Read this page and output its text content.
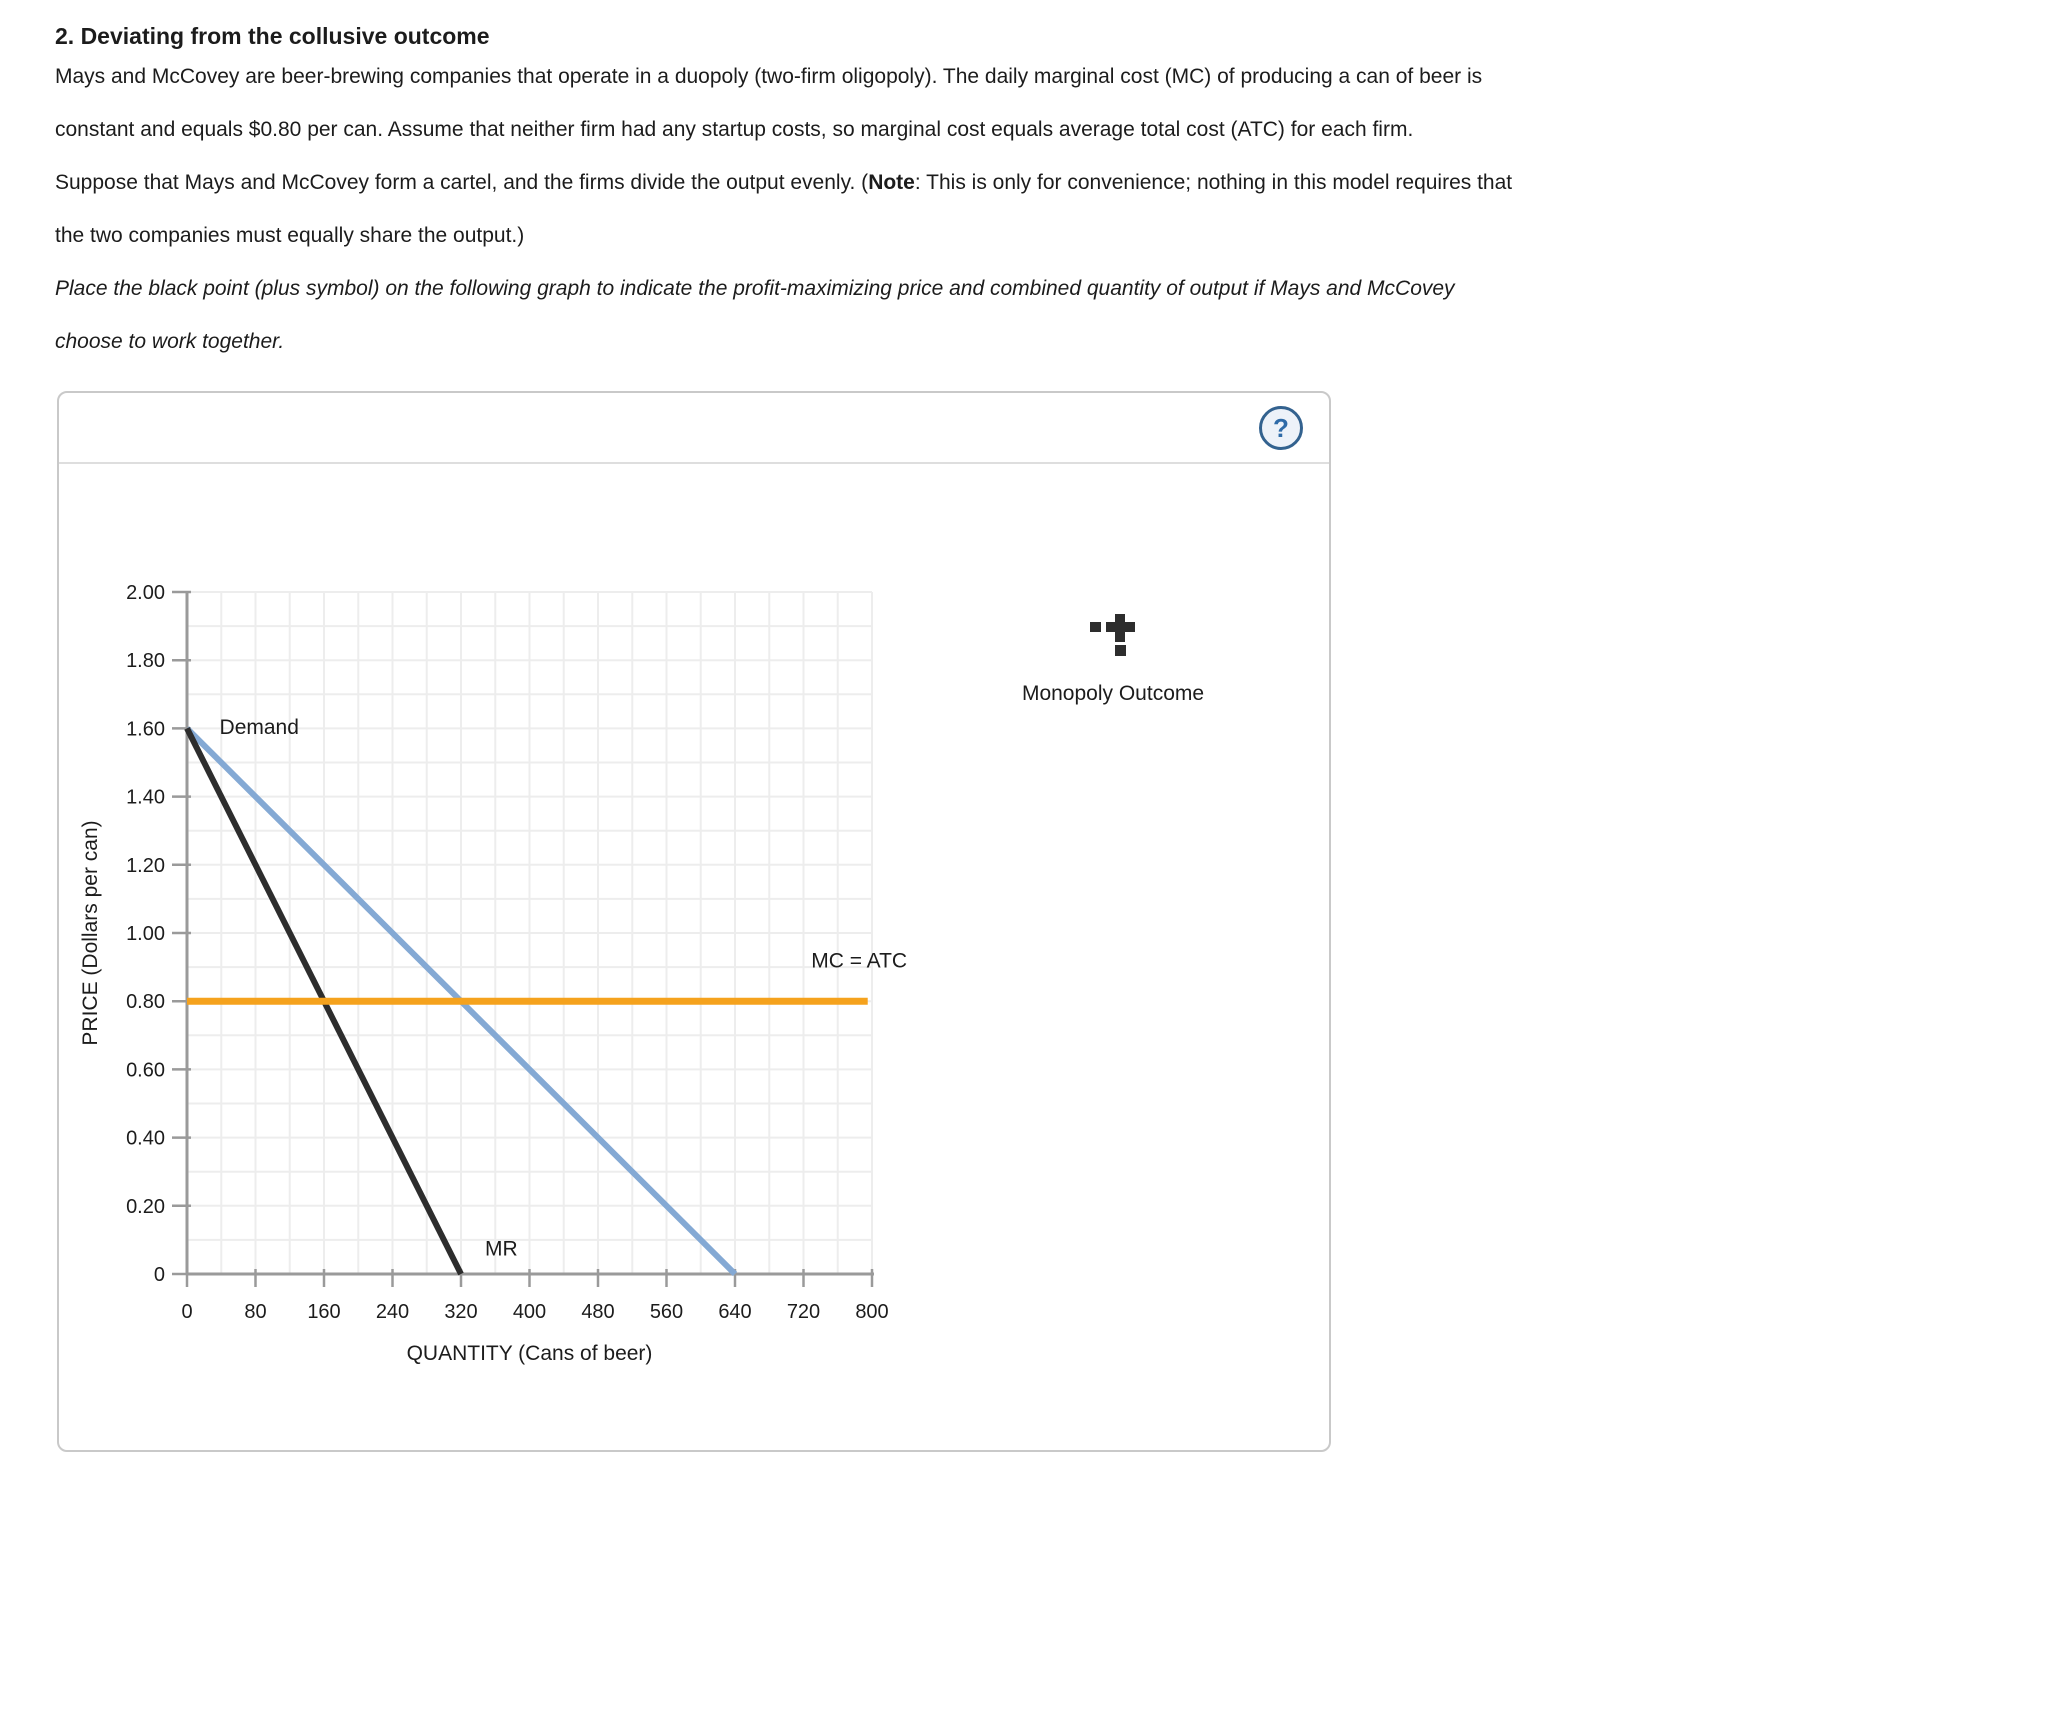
2. Deviating from the collusive outcome

Mays and McCovey are beer-brewing companies that operate in a duopoly (two-firm oligopoly). The daily marginal cost (MC) of producing a can of beer is constant and equals $0.80 per can. Assume that neither firm had any startup costs, so marginal cost equals average total cost (ATC) for each firm.

Suppose that Mays and McCovey form a cartel, and the firms divide the output evenly. (Note: This is only for convenience; nothing in this model requires that the two companies must equally share the output.)

Place the black point (plus symbol) on the following graph to indicate the profit-maximizing price and combined quantity of output if Mays and McCovey choose to work together.

?
0	80 160 240 320 400 480 560 640 720 800
2.00
1.80
1.60
1.40
1.20
1.00
0.80
0.60
0.40
0.20
0
Demand
MR
MC = ATC
QUANTITY (Cans of beer)
PRICE (Dollars per can)
Monopoly Outcome
